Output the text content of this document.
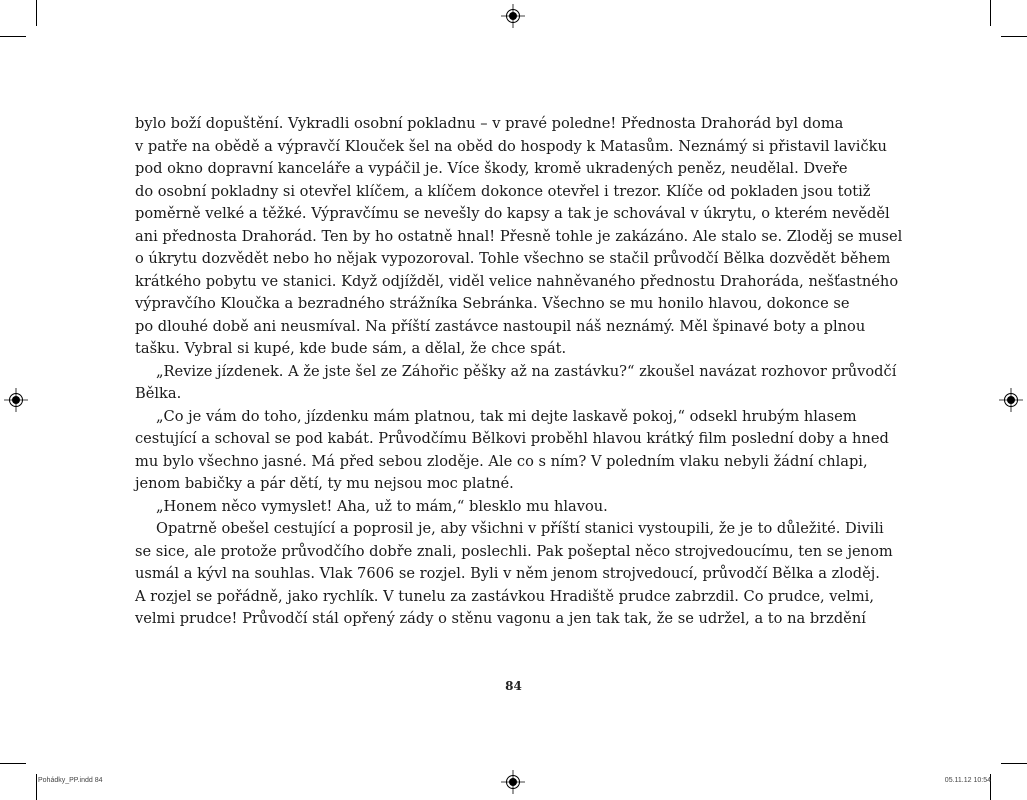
bylo boží dopuštění. Vykradli osobní pokladnu – v pravé poledne! Přednosta Drahorád byl doma

v patře na obědě a výpravčí Klouček šel na oběd do hospody k Matasům. Neznámý si přistavil lavičku

pod okno dopravní kanceláře a vypáčil je. Více škody, kromě ukradených peněz, neudělal. Dveře

do osobní pokladny si otevřel klíčem, a klíčem dokonce otevřel i trezor. Klíče od pokladen jsou totiž

poměrně velké a těžké. Výpravčímu se nevešly do kapsy a tak je schovával v úkrytu, o kterém nevěděl

ani přednosta Drahorád. Ten by ho ostatně hnal! Přesně tohle je zakázáno. Ale stalo se. Zloděj se musel

o úkrytu dozvědět nebo ho nějak vypozoroval. Tohle všechno se stačil průvodčí Bělka dozvědět během

krátkého pobytu ve stanici. Když odjížděl, viděl velice nahněvaného přednostu Drahoráda, nešťastného

výpravčího Kloučka a bezradného strážníka Sebránka. Všechno se mu honilo hlavou, dokonce se

po dlouhé době ani neusmíval. Na příští zastávce nastoupil náš neznámý. Měl špinavé boty a plnou

tašku. Vybral si kupé, kde bude sám, a dělal, že chce spát.

„Revize jízdenek. A že jste šel ze Záhořic pěšky až na zastávku?“ zkoušel navázat rozhovor průvodčí

Bělka.

„Co je vám do toho, jízdenku mám platnou, tak mi dejte laskavě pokoj,“ odsekl hrubým hlasem

cestující a schoval se pod kabát. Průvodčímu Bělkovi proběhl hlavou krátký film poslední doby a hned

mu bylo všechno jasné. Má před sebou zloděje. Ale co s ním? V poledním vlaku nebyli žádní chlapi,

jenom babičky a pár dětí, ty mu nejsou moc platné.

„Honem něco vymyslet! Aha, už to mám,“ blesklo mu hlavou.

Opatrně obešel cestující a poprosil je, aby všichni v příští stanici vystoupili, že je to důležité. Divili

se sice, ale protože průvodčího dobře znali, poslechli. Pak pošeptal něco strojvedoucímu, ten se jenom

usmál a kývl na souhlas. Vlak 7606 se rozjel. Byli v něm jenom strojvedoucí, průvodčí Bělka a zloděj.

A rozjel se pořádně, jako rychlík. V tunelu za zastávkou Hradiště prudce zabrzdil. Co prudce, velmi,

velmi prudce! Průvodčí stál opřený zády o stěnu vagonu a jen tak tak, že se udržel, a to na brzdění

84
Pohádky_PP.indd 84	05.11.12 10:54
